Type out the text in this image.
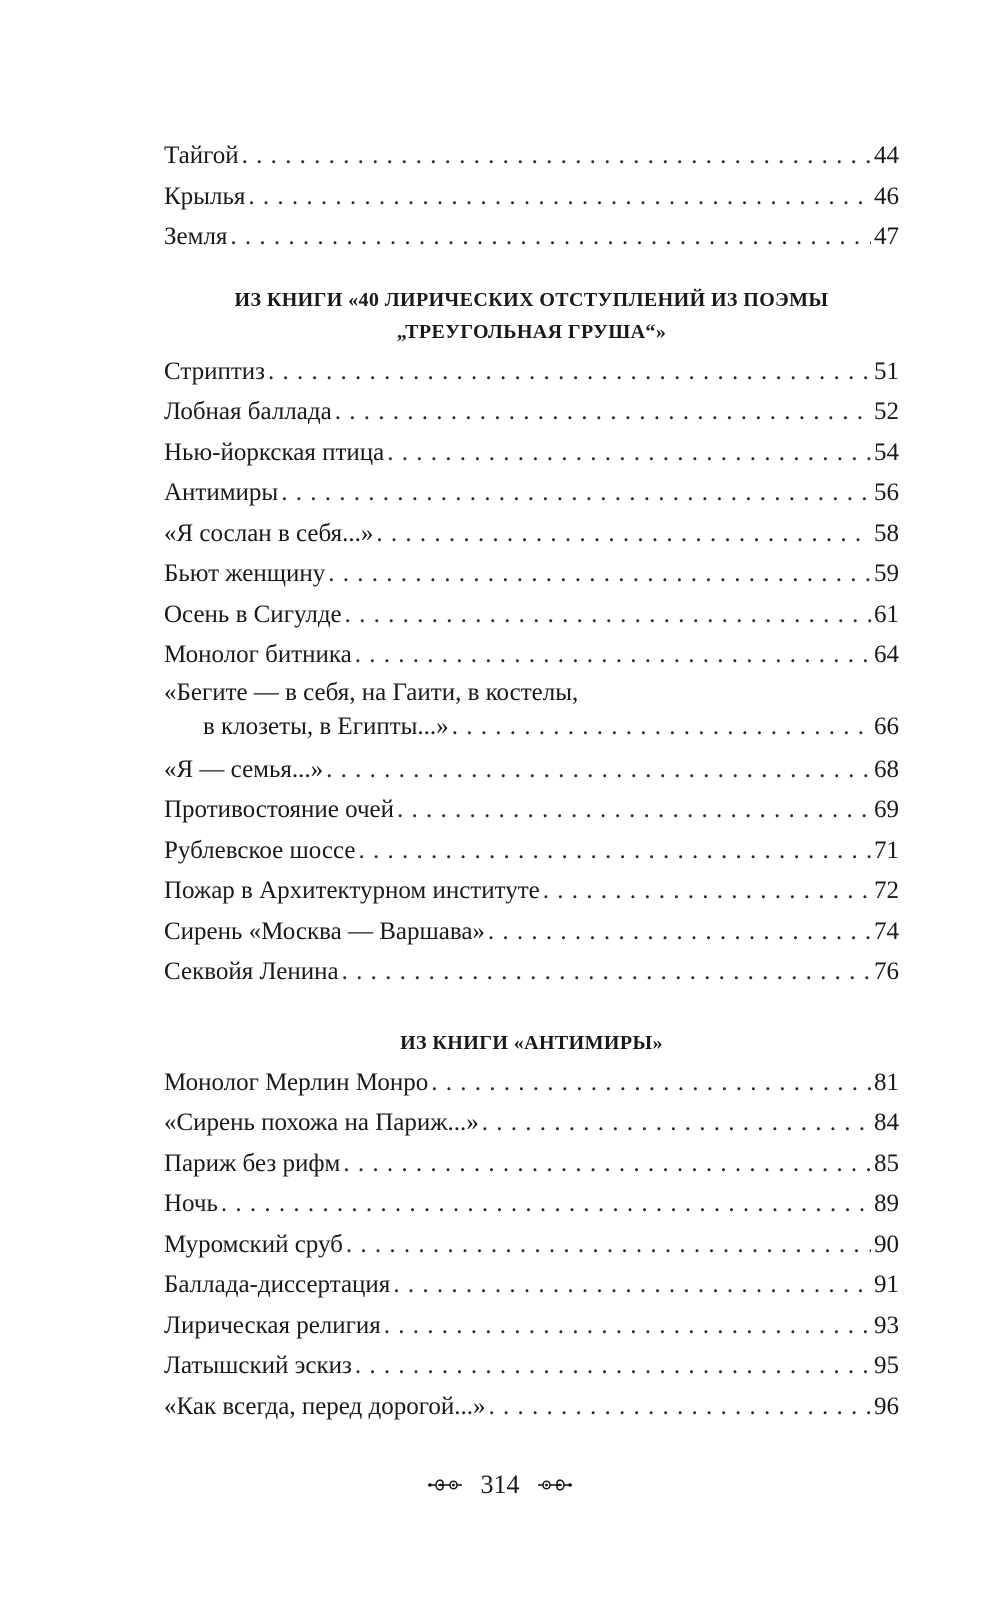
Тайгой . . .	44
Крылья . . .	46
Земля . . .	47
ИЗ КНИГИ «40 ЛИРИЧЕСКИХ ОТСТУПЛЕНИЙ ИЗ ПОЭМЫ
„ТРЕУГОЛЬНАЯ ГРУША“»
Стриптиз . . .	51
Лобная баллада . . .	52
Нью-йоркская птица . . .	54
Антимиры . . .	56
«Я сослан в себя...» . . .	58
Бьют женщину . . .	59
Осень в Сигулде . . .	61
Монолог битника . . .	64
«Бегите — в себя, на Гаити, в костелы,
в клозеты, в Египты...» . . .	66
«Я — семья...» . . .	68
Противостояние очей . . .	69
Рублевское шоссе . . .	71
Пожар в Архитектурном институте . . .	72
Сирень «Москва — Варшава» . . .	74
Секвойя Ленина . . .	76
ИЗ КНИГИ «АНТИМИРЫ»
Монолог Мерлин Монро . . .	81
«Сирень похожа на Париж...» . . .	84
Париж без рифм . . .	85
Ночь . . .	89
Муромский сруб . . .	90
Баллада-диссертация . . .	91
Лирическая религия . . .	93
Латышский эскиз . . .	95
«Как всегда, перед дорогой...» . . .	96
314
